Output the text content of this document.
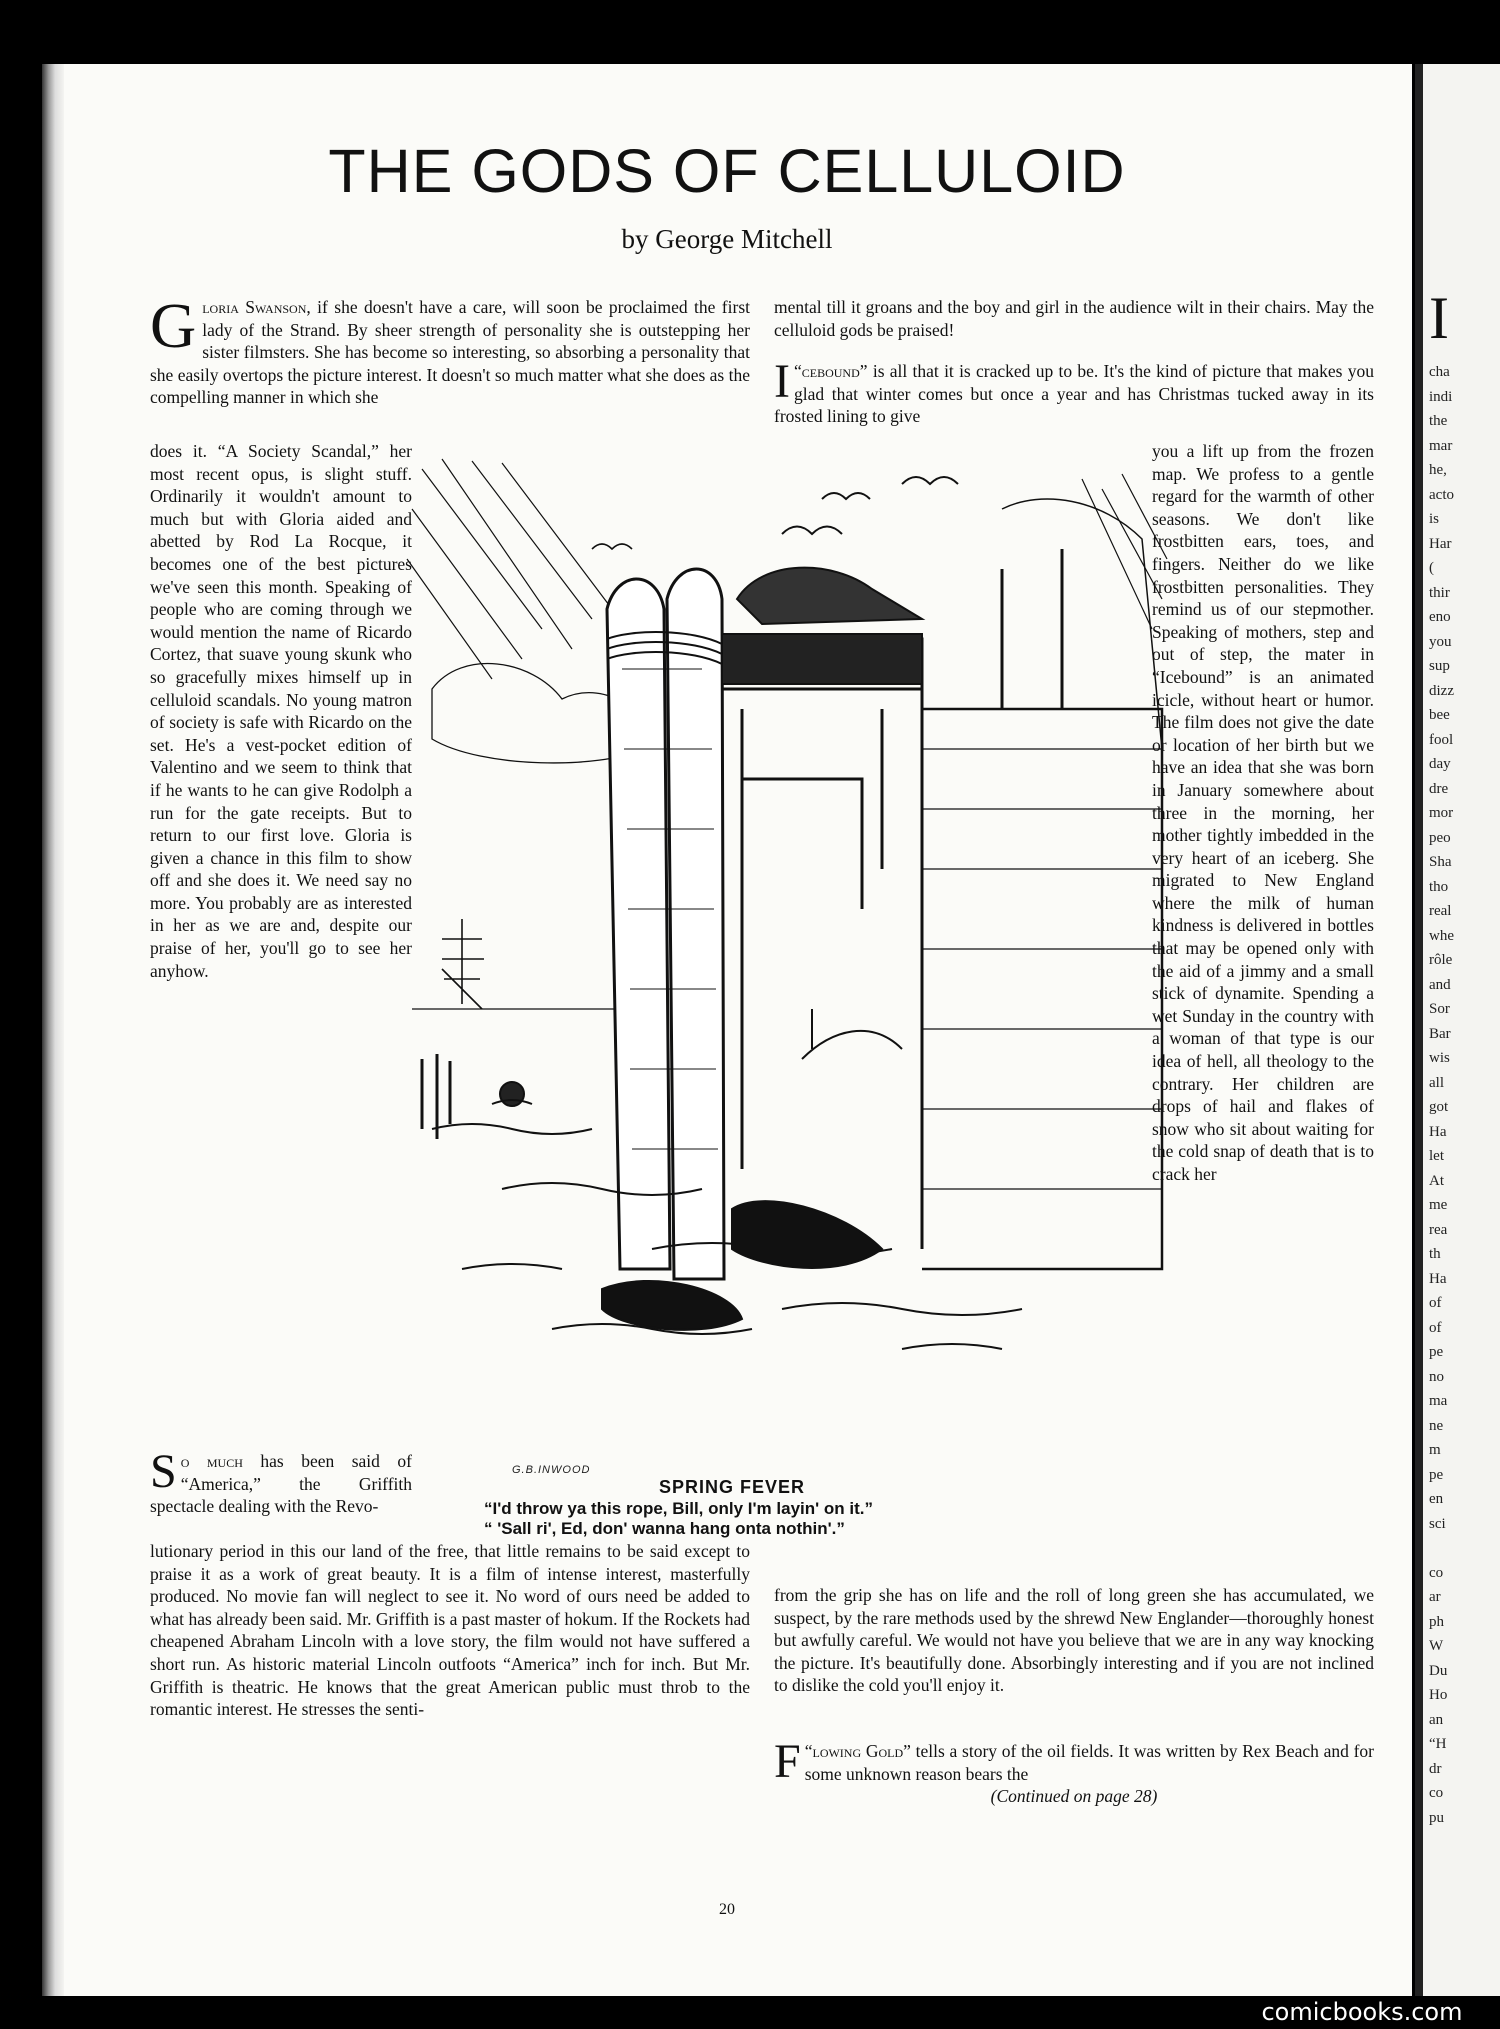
THE GODS OF CELLULOID
by George Mitchell

Gloria Swanson, if she doesn't have a care, will soon be proclaimed the first lady of the Strand. By sheer strength of personality she is outstepping her sister filmsters. She has become so interesting, so absorbing a personality that she easily overtops the picture interest. It doesn't so much matter what she does as the compelling manner in which she

does it. “A Society Scandal,” her most recent opus, is slight stuff. Ordinarily it wouldn't amount to much but with Gloria aided and abetted by Rod La Rocque, it becomes one of the best pictures we've seen this month. Speaking of people who are coming through we would mention the name of Ricardo Cortez, that suave young skunk who so gracefully mixes himself up in celluloid scandals. No young matron of society is safe with Ricardo on the set. He's a vest-pocket edition of Valentino and we seem to think that if he wants to he can give Rodolph a run for the gate receipts. But to return to our first love. Gloria is given a chance in this film to show off and she does it. We need say no more. You probably are as interested in her as we are and, despite our praise of her, you'll go to see her anyhow.

So much has been said of “America,” the Griffith spectacle dealing with the Revo-

lutionary period in this our land of the free, that little remains to be said except to praise it as a work of great beauty. It is a film of intense interest, masterfully produced. No movie fan will neglect to see it. No word of ours need be added to what has already been said. Mr. Griffith is a past master of hokum. If the Rockets had cheapened Abraham Lincoln with a love story, the film would not have suffered a short run. As historic material Lincoln outfoots “America” inch for inch. But Mr. Griffith is theatric. He knows that the great American public must throb to the romantic interest. He stresses the senti-

mental till it groans and the boy and girl in the audience wilt in their chairs. May the celluloid gods be praised!

“
I cebound” is all that it is cracked up to be. It's the kind of picture that makes you glad that winter comes but once a year and has Christmas tucked away in its frosted lining to give

you a lift up from the frozen map. We profess to a gentle regard for the warmth of other seasons. We don't like frostbitten ears, toes, and fingers. Neither do we like frostbitten personalities. They remind us of our stepmother. Speaking of mothers, step and out of step, the mater in “Icebound” is an animated icicle, without heart or humor. The film does not give the date or location of her birth but we have an idea that she was born in January somewhere about three in the morning, her mother tightly imbedded in the very heart of an iceberg. She migrated to New England where the milk of human kindness is delivered in bottles that may be opened only with the aid of a jimmy and a small stick of dynamite. Spending a wet Sunday in the country with a woman of that type is our idea of hell, all theology to the contrary. Her children are drops of hail and flakes of snow who sit about waiting for the cold snap of death that is to crack her

from the grip she has on life and the roll of long green she has accumulated, we suspect, by the rare methods used by the shrewd New Englander—thoroughly honest but awfully careful. We would not have you believe that we are in any way knocking the picture. It's beautifully done. Absorbingly interesting and if you are not inclined to dislike the cold you'll enjoy it.

“
F lowing Gold” tells a story of the oil fields. It was written by Rex Beach and for some unknown reason bears the

(Continued on page 28)

G.B.INWOOD
SPRING FEVER
“I'd throw ya this rope, Bill, only I'm layin' on it.”
“ 'Sall ri', Ed, don' wanna hang onta nothin'.”
20
I
cha
indi
the
mar
he,
acto
is
Har
(
thir
eno
you
sup
dizz
bee
fool
day
dre
mor
peo
Sha
tho
real
whe
rôle
and
Sor
Bar
wis
all
got
Ha
let
At
me
rea
th
Ha
of
of
pe
no
ma
ne
m
pe
en
sci
co
ar
ph
W
Du
Ho
an
“H
dr
co
pu
comicbooks.com
